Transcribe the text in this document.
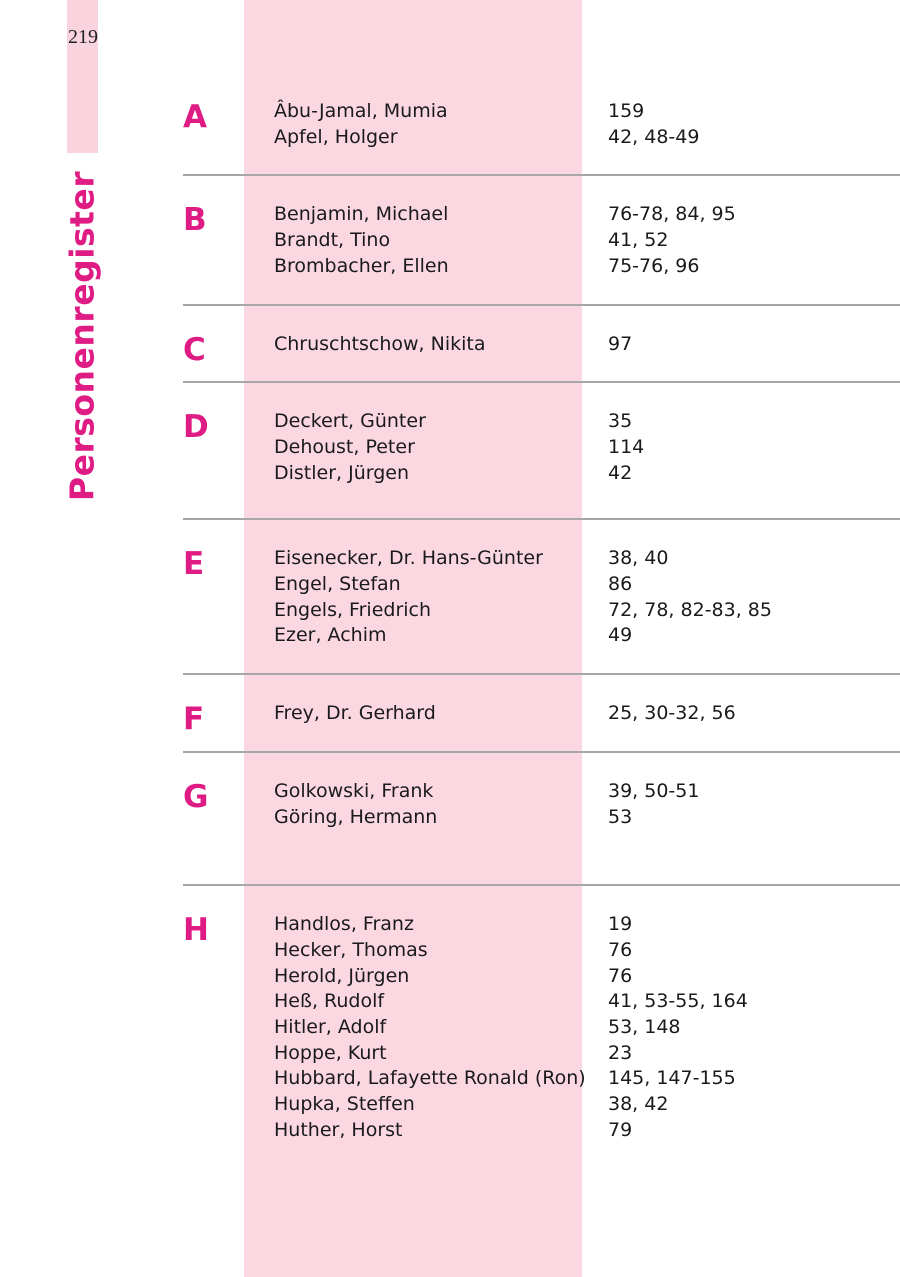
219
Personenregister
A	Âbu-Jamal, Mumia	159
Apfel, Holger	42, 48-49
B	Benjamin, Michael	76-78, 84, 95
Brandt, Tino	41, 52
Brombacher, Ellen	75-76, 96
C	Chruschtschow, Nikita	97
D	Deckert, Günter	35
Dehoust, Peter	114
Distler, Jürgen	42
E	Eisenecker, Dr. Hans-Günter	38, 40
Engel, Stefan	86
Engels, Friedrich	72, 78, 82-83, 85
Ezer, Achim	49
F	Frey, Dr. Gerhard	25, 30-32, 56
G	Golkowski, Frank	39, 50-51
Göring, Hermann	53
H	Handlos, Franz	19
Hecker, Thomas	76
Herold, Jürgen	76
Heß, Rudolf	41, 53-55, 164
Hitler, Adolf	53, 148
Hoppe, Kurt	23
Hubbard, Lafayette Ronald (Ron) 145, 147-155
Hupka, Steffen	38, 42
Huther, Horst	79
